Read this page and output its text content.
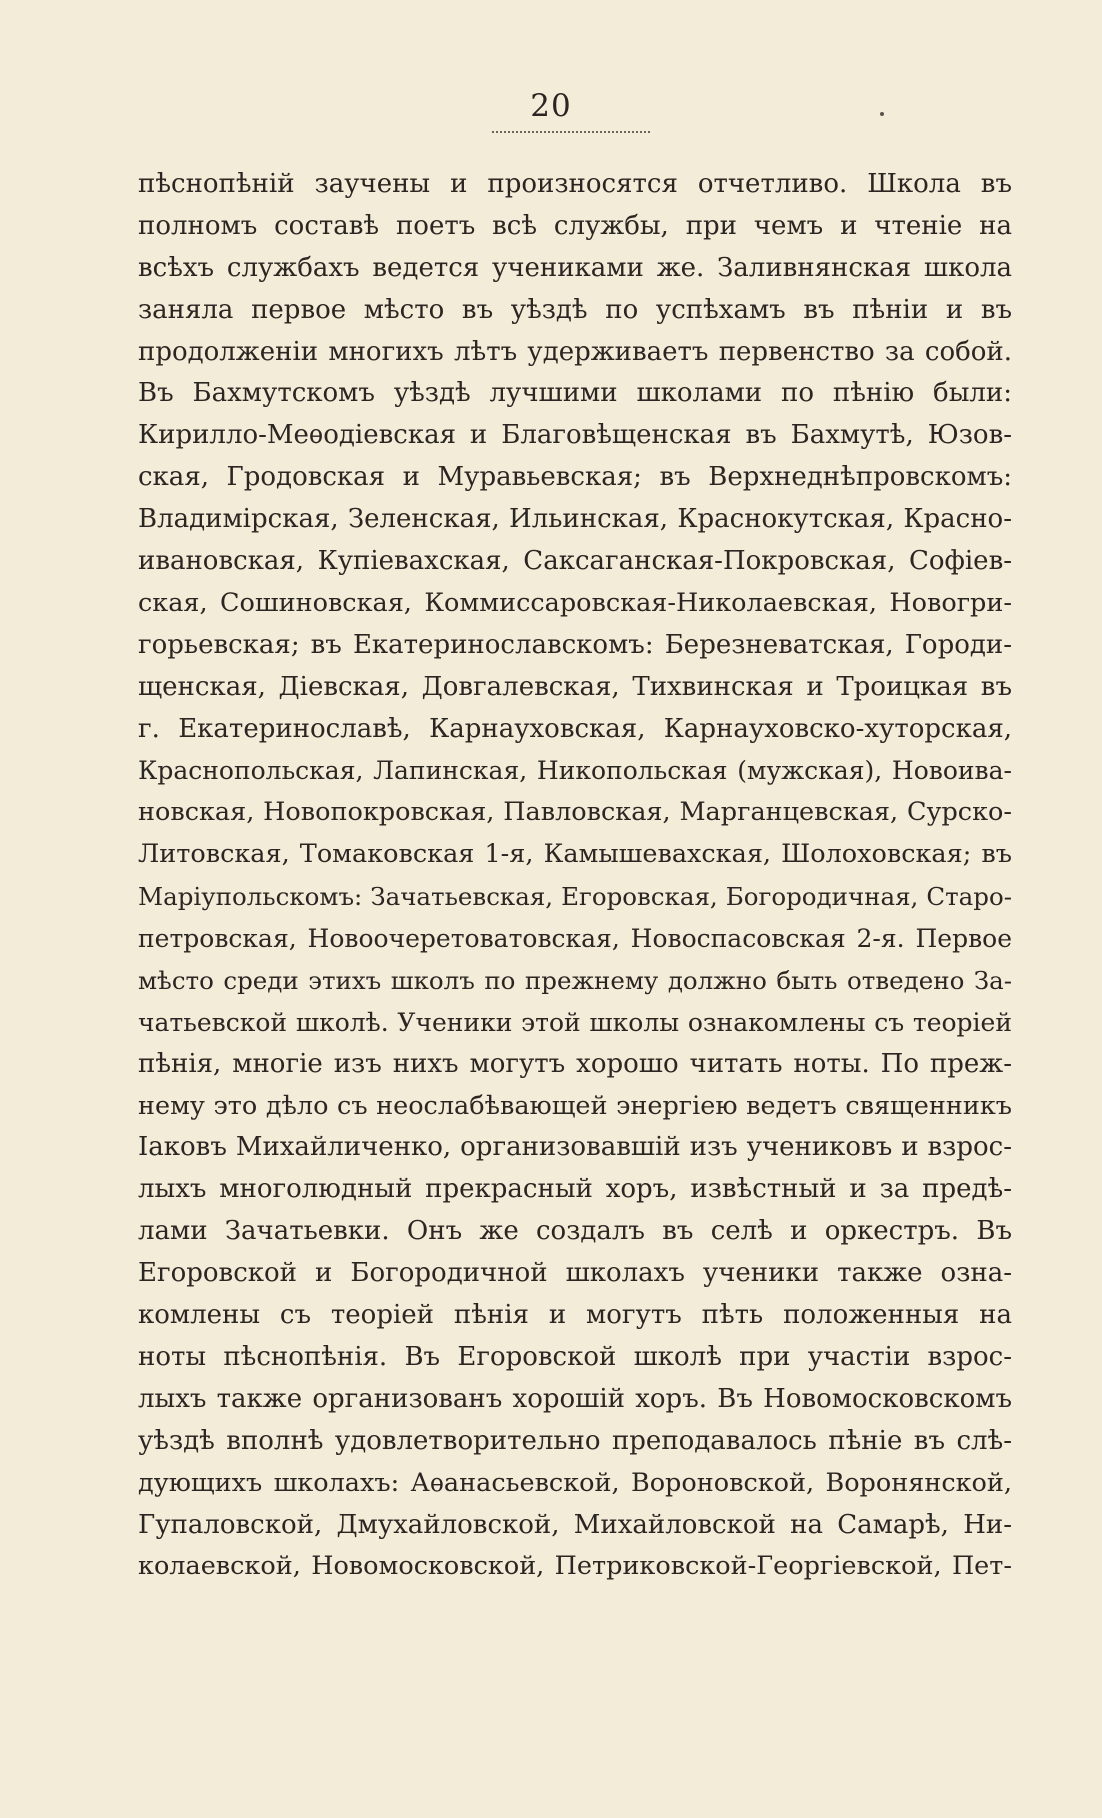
20
пѣснопѣній заучены и произносятся отчетливо. Школа въ
полномъ составѣ поетъ всѣ службы, при чемъ и чтеніе на
всѣхъ службахъ ведется учениками же. Заливнянская школа
заняла первое мѣсто въ уѣздѣ по успѣхамъ въ пѣніи и въ
продолженіи многихъ лѣтъ удерживаетъ первенство за собой.
Въ Бахмутскомъ уѣздѣ лучшими школами по пѣнію были:
Кирилло-Меѳодіевская и Благовѣщенская въ Бахмутѣ, Юзов-
ская, Гродовская и Муравьевская; въ Верхнеднѣпровскомъ:
Владимірская, Зеленская, Ильинская, Краснокутская, Красно-
ивановская, Купіевахская, Саксаганская-Покровская, Софіев-
ская, Сошиновская, Коммиссаровская-Николаевская, Новогри-
горьевская; въ Екатеринославскомъ: Березневатская, Городи-
щенская, Діевская, Довгалевская, Тихвинская и Троицкая въ
г. Екатеринославѣ, Карнауховская, Карнауховско-хуторская,
Краснопольская, Лапинская, Никопольская (мужская), Новоива-
новская, Новопокровская, Павловская, Марганцевская, Сурско-
Литовская, Томаковская 1-я, Камышевахская, Шолоховская; въ
Маріупольскомъ: Зачатьевская, Егоровская, Богородичная, Старо-
петровская, Новоочеретоватовская, Новоспасовская 2-я. Первое
мѣсто среди этихъ школъ по прежнему должно быть отведено За-
чатьевской школѣ. Ученики этой школы ознакомлены съ теоріей
пѣнія, многіе изъ нихъ могутъ хорошо читать ноты. По преж-
нему это дѣло съ неослабѣвающей энергіею ведетъ священникъ
Іаковъ Михайличенко, организовавшій изъ учениковъ и взрос-
лыхъ многолюдный прекрасный хоръ, извѣстный и за предѣ-
лами Зачатьевки. Онъ же создалъ въ селѣ и оркестръ. Въ
Егоровской и Богородичной школахъ ученики также озна-
комлены съ теоріей пѣнія и могутъ пѣть положенныя на
ноты пѣснопѣнія. Въ Егоровской школѣ при участіи взрос-
лыхъ также организованъ хорошій хоръ. Въ Новомосковскомъ
уѣздѣ вполнѣ удовлетворительно преподавалось пѣніе въ слѣ-
дующихъ школахъ: Аѳанасьевской, Вороновской, Воронянской,
Гупаловской, Дмухайловской, Михайловской на Самарѣ, Ни-
колаевской, Новомосковской, Петриковской-Георгіевской, Пет-
